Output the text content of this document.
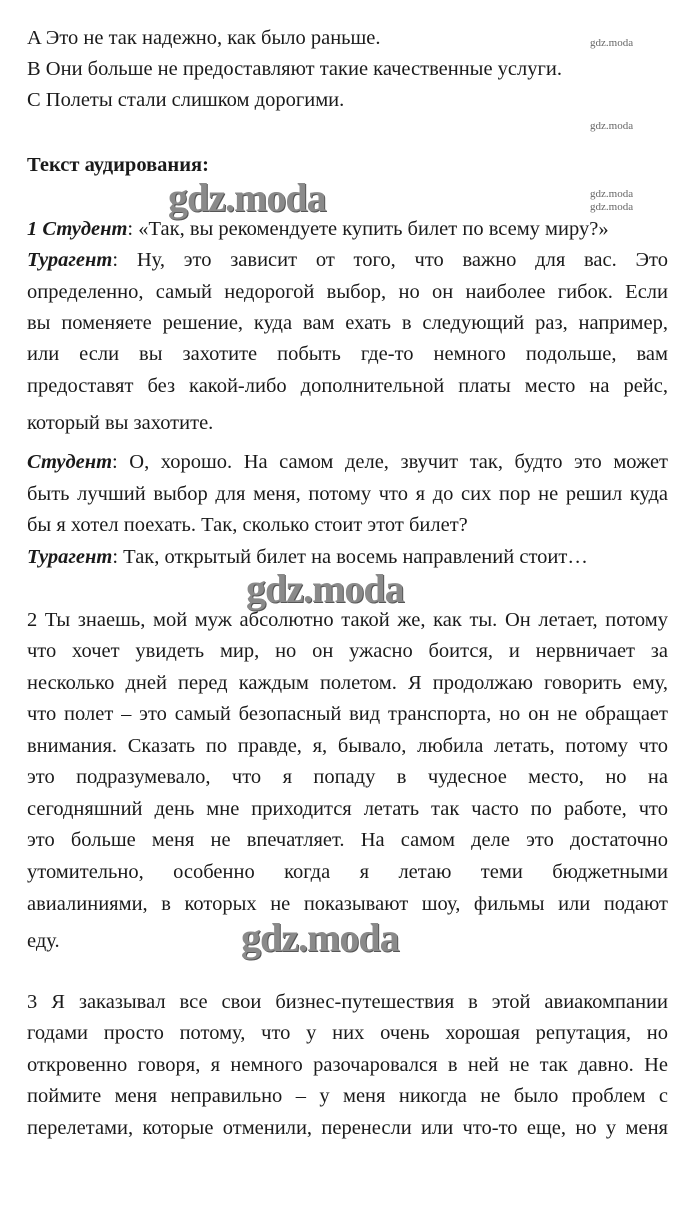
A Это не так надежно, как было раньше.
B Они больше не предоставляют такие качественные услуги.
C Полеты стали слишком дорогими.
Текст аудирования:
1 Студент: «Так, вы рекомендуете купить билет по всему миру?»
Турагент: Ну, это зависит от того, что важно для вас. Это
определенно, самый недорогой выбор, но он наиболее гибок. Если
вы поменяете решение, куда вам ехать в следующий раз, например,
или если вы захотите побыть где-то немного подольше, вам
предоставят без какой-либо дополнительной платы место на рейс,
который вы захотите.
Студент: О, хорошо. На самом деле, звучит так, будто это может
быть лучший выбор для меня, потому что я до сих пор не решил куда
бы я хотел поехать. Так, сколько стоит этот билет?
Турагент: Так, открытый билет на восемь направлений стоит…
2 Ты знаешь, мой муж абсолютно такой же, как ты. Он летает, потому
что хочет увидеть мир, но он ужасно боится, и нервничает за
несколько дней перед каждым полетом. Я продолжаю говорить ему,
что полет – это самый безопасный вид транспорта, но он не обращает
внимания. Сказать по правде, я, бывало, любила летать, потому что
это подразумевало, что я попаду в чудесное место, но на
сегодняшний день мне приходится летать так часто по работе, что
это больше меня не впечатляет. На самом деле это достаточно
утомительно, особенно когда я летаю теми бюджетными
авиалиниями, в которых не показывают шоу, фильмы или подают
еду.
3 Я заказывал все свои бизнес-путешествия в этой авиакомпании
годами просто потому, что у них очень хорошая репутация, но
откровенно говоря, я немного разочаровался в ней не так давно. Не
поймите меня неправильно – у меня никогда не было проблем с
перелетами, которые отменили, перенесли или что-то еще, но у меня
gdz.moda
gdz.moda
gdz.moda
gdz.moda
gdz.moda
gdz.moda
gdz.moda
